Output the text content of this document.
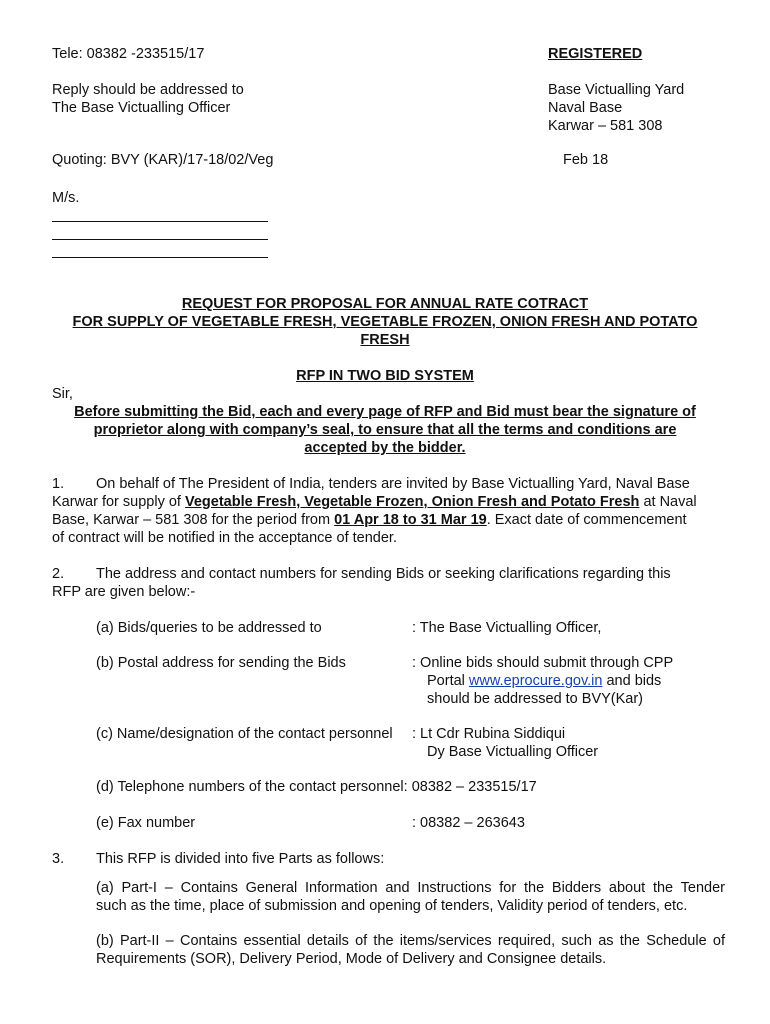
Tele: 08382 -233515/17	REGISTERED
Reply should be addressed to
The Base Victualling Officer
Base Victualling Yard
Naval Base
Karwar – 581 308
Quoting: BVY (KAR)/17-18/02/Veg	Feb 18
M/s.
REQUEST FOR PROPOSAL FOR ANNUAL RATE COTRACT
FOR SUPPLY OF VEGETABLE FRESH, VEGETABLE FROZEN, ONION FRESH AND POTATO
FRESH
RFP IN TWO BID SYSTEM
Sir,
Before submitting the Bid, each and every page of RFP and Bid must bear the signature of
proprietor along with company’s seal, to ensure that all the terms and conditions are
accepted by the bidder.
1. On behalf of The President of India, tenders are invited by Base Victualling Yard, Naval Base
Karwar for supply of Vegetable Fresh, Vegetable Frozen, Onion Fresh and Potato Fresh at Naval
Base, Karwar – 581 308 for the period from 01 Apr 18 to 31 Mar 19. Exact date of commencement
of contract will be notified in the acceptance of tender.
2. The address and contact numbers for sending Bids or seeking clarifications regarding this
RFP are given below:-
(a) Bids/queries to be addressed to	: The Base Victualling Officer,
(b) Postal address for sending the Bids	: Online bids should submit through CPP
Portal www.eprocure.gov.in and bids
should be addressed to BVY(Kar)
(c) Name/designation of the contact personnel : Lt Cdr Rubina Siddiqui
Dy Base Victualling Officer
(d) Telephone numbers of the contact personnel: 08382 – 233515/17
(e) Fax number	: 08382 – 263643
3. This RFP is divided into five Parts as follows:
(a) Part-I – Contains General Information and Instructions for the Bidders about the Tender
such as the time, place of submission and opening of tenders, Validity period of tenders, etc.
(b) Part-II – Contains essential details of the items/services required, such as the Schedule of
Requirements (SOR), Delivery Period, Mode of Delivery and Consignee details.
